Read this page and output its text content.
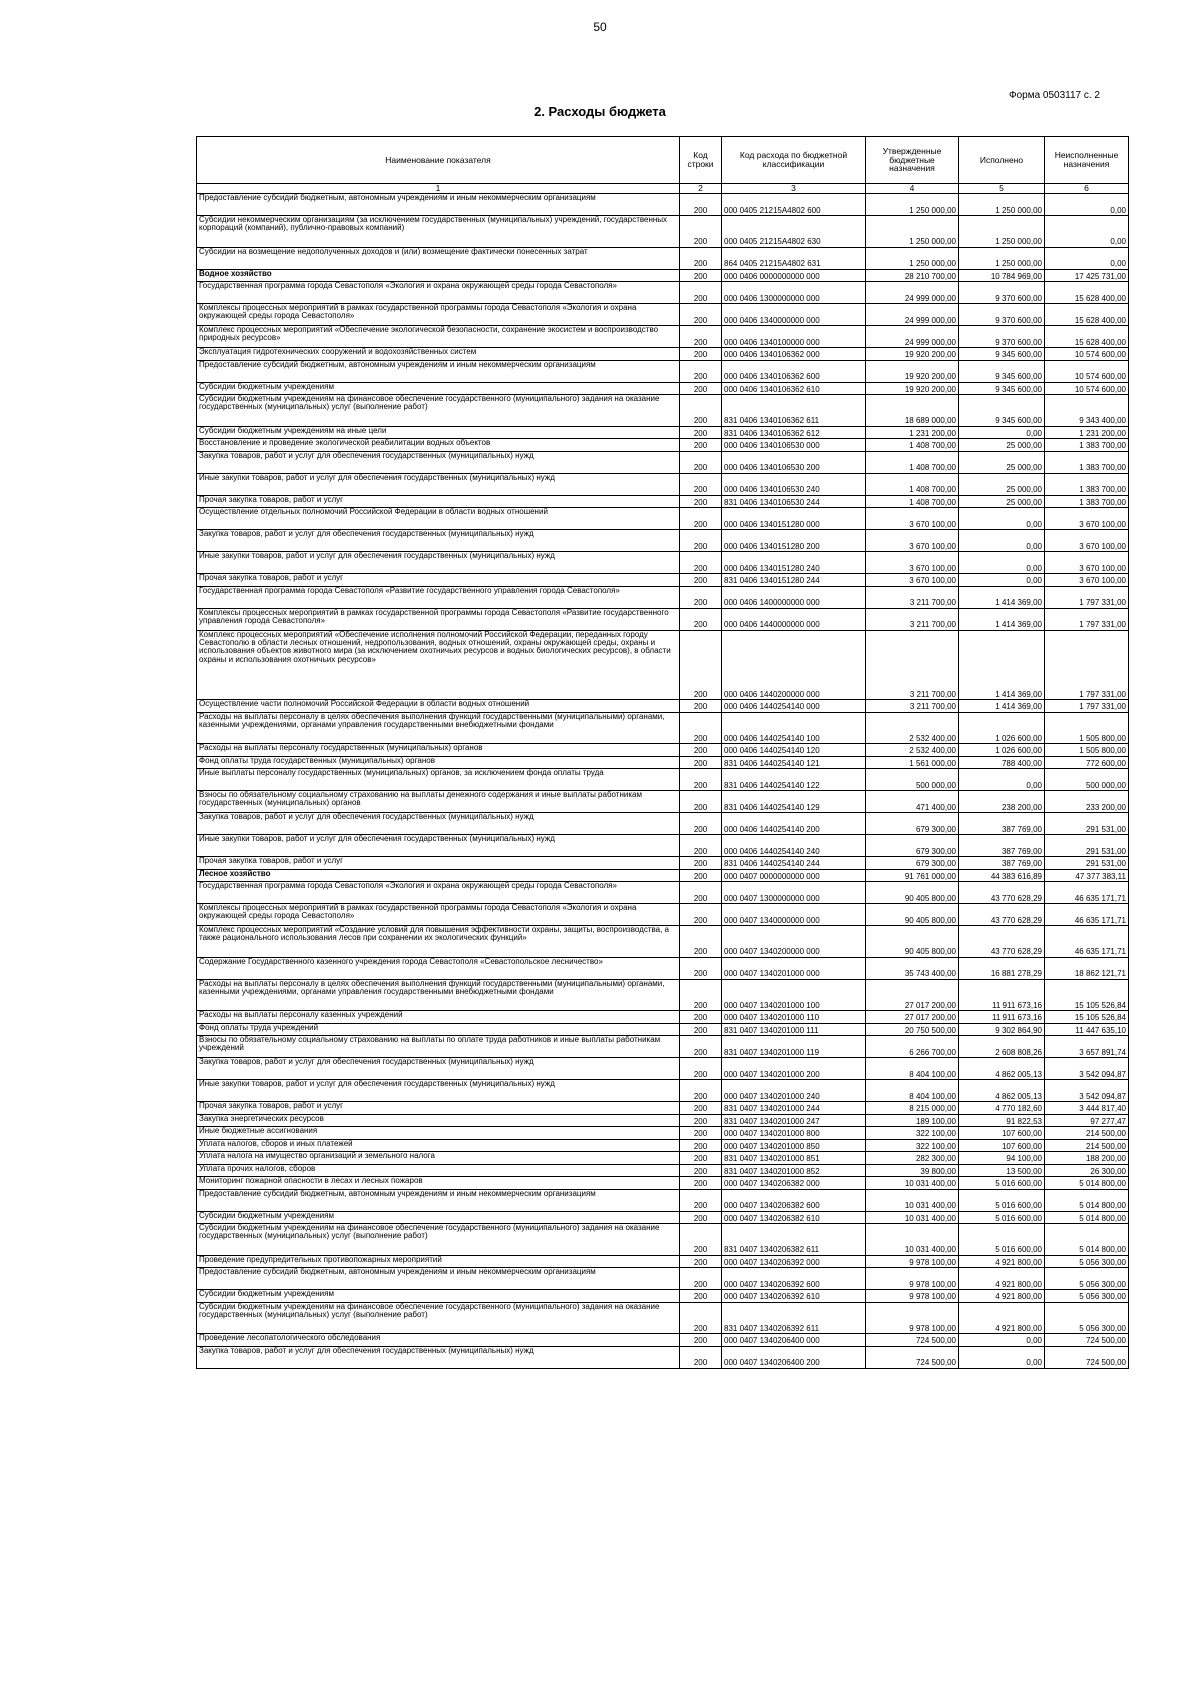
50
Форма 0503117 с. 2
2. Расходы бюджета
Наименование показателя	Код строки	Код расхода по бюджетной классификации	Утвержденные бюджетные назначения	Исполнено	Неисполненные назначения
1	2	3	4	5	6
Предоставление субсидий бюджетным, автономным учреждениям и иным некоммерческим организациям	200	000 0405 21215A4802 600	1 250 000,00	1 250 000,00	0,00
Субсидии некоммерческим организациям (за исключением государственных (муниципальных) учреждений, государственных корпораций (компаний), публично-правовых компаний)	200	000 0405 21215A4802 630	1 250 000,00	1 250 000,00	0,00
Субсидии на возмещение недополученных доходов и (или) возмещение фактически понесенных затрат	200	864 0405 21215A4802 631	1 250 000,00	1 250 000,00	0,00
Водное хозяйство	200	000 0406 0000000000 000	28 210 700,00	10 784 969,00	17 425 731,00
Государственная программа города Севастополя «Экология и охрана окружающей среды города Севастополя»	200	000 0406 1300000000 000	24 999 000,00	9 370 600,00	15 628 400,00
Комплексы процессных мероприятий в рамках государственной программы города Севастополя «Экология и охрана окружающей среды города Севастополя»	200	000 0406 1340000000 000	24 999 000,00	9 370 600,00	15 628 400,00
Комплекс процессных мероприятий «Обеспечение экологической безопасности, сохранение экосистем и воспроизводство природных ресурсов»	200	000 0406 1340100000 000	24 999 000,00	9 370 600,00	15 628 400,00
Эксплуатация гидротехнических сооружений и водохозяйственных систем	200	000 0406 1340106362 000	19 920 200,00	9 345 600,00	10 574 600,00
Предоставление субсидий бюджетным, автономным учреждениям и иным некоммерческим организациям	200	000 0406 1340106362 600	19 920 200,00	9 345 600,00	10 574 600,00
Субсидии бюджетным учреждениям	200	000 0406 1340106362 610	19 920 200,00	9 345 600,00	10 574 600,00
Субсидии бюджетным учреждениям на финансовое обеспечение государственного (муниципального) задания на оказание государственных (муниципальных) услуг (выполнение работ)	200	831 0406 1340106362 611	18 689 000,00	9 345 600,00	9 343 400,00
Субсидии бюджетным учреждениям на иные цели	200	831 0406 1340106362 612	1 231 200,00	0,00	1 231 200,00
Восстановление и проведение экологической реабилитации водных объектов	200	000 0406 1340106530 000	1 408 700,00	25 000,00	1 383 700,00
Закупка товаров, работ и услуг для обеспечения государственных (муниципальных) нужд	200	000 0406 1340106530 200	1 408 700,00	25 000,00	1 383 700,00
Иные закупки товаров, работ и услуг для обеспечения государственных (муниципальных) нужд	200	000 0406 1340106530 240	1 408 700,00	25 000,00	1 383 700,00
Прочая закупка товаров, работ и услуг	200	831 0406 1340106530 244	1 408 700,00	25 000,00	1 383 700,00
Осуществление отдельных полномочий Российской Федерации в области водных отношений	200	000 0406 1340151280 000	3 670 100,00	0,00	3 670 100,00
Закупка товаров, работ и услуг для обеспечения государственных (муниципальных) нужд	200	000 0406 1340151280 200	3 670 100,00	0,00	3 670 100,00
Иные закупки товаров, работ и услуг для обеспечения государственных (муниципальных) нужд	200	000 0406 1340151280 240	3 670 100,00	0,00	3 670 100,00
Прочая закупка товаров, работ и услуг	200	831 0406 1340151280 244	3 670 100,00	0,00	3 670 100,00
Государственная программа города Севастополя «Развитие государственного управления города Севастополя»	200	000 0406 1400000000 000	3 211 700,00	1 414 369,00	1 797 331,00
Комплексы процессных мероприятий в рамках государственной программы города Севастополя «Развитие государственного управления города Севастополя»	200	000 0406 1440000000 000	3 211 700,00	1 414 369,00	1 797 331,00
Комплекс процессных мероприятий «Обеспечение исполнения полномочий Российской Федерации, переданных городу Севастополю в области лесных отношений, недропользования, водных отношений, охраны окружающей среды, охраны и использования объектов животного мира (за исключением охотничьих ресурсов и водных биологических ресурсов), в области охраны и использования охотничьих ресурсов»	200	000 0406 1440200000 000	3 211 700,00	1 414 369,00	1 797 331,00
Осуществление части полномочий Российской Федерации в области водных отношений	200	000 0406 1440254140 000	3 211 700,00	1 414 369,00	1 797 331,00
Расходы на выплаты персоналу в целях обеспечения выполнения функций государственными (муниципальными) органами, казенными учреждениями, органами управления государственными внебюджетными фондами	200	000 0406 1440254140 100	2 532 400,00	1 026 600,00	1 505 800,00
Расходы на выплаты персоналу государственных (муниципальных) органов	200	000 0406 1440254140 120	2 532 400,00	1 026 600,00	1 505 800,00
Фонд оплаты труда государственных (муниципальных) органов	200	831 0406 1440254140 121	1 561 000,00	788 400,00	772 600,00
Иные выплаты персоналу государственных (муниципальных) органов, за исключением фонда оплаты труда	200	831 0406 1440254140 122	500 000,00	0,00	500 000,00
Взносы по обязательному социальному страхованию на выплаты денежного содержания и иные выплаты работникам государственных (муниципальных) органов	200	831 0406 1440254140 129	471 400,00	238 200,00	233 200,00
Закупка товаров, работ и услуг для обеспечения государственных (муниципальных) нужд	200	000 0406 1440254140 200	679 300,00	387 769,00	291 531,00
Иные закупки товаров, работ и услуг для обеспечения государственных (муниципальных) нужд	200	000 0406 1440254140 240	679 300,00	387 769,00	291 531,00
Прочая закупка товаров, работ и услуг	200	831 0406 1440254140 244	679 300,00	387 769,00	291 531,00
Лесное хозяйство	200	000 0407 0000000000 000	91 761 000,00	44 383 616,89	47 377 383,11
Государственная программа города Севастополя «Экология и охрана окружающей среды города Севастополя»	200	000 0407 1300000000 000	90 405 800,00	43 770 628,29	46 635 171,71
Комплексы процессных мероприятий в рамках государственной программы города Севастополя «Экология и охрана окружающей среды города Севастополя»	200	000 0407 1340000000 000	90 405 800,00	43 770 628,29	46 635 171,71
Комплекс процессных мероприятий «Создание условий для повышения эффективности охраны, защиты, воспроизводства, а также рационального использования лесов при сохранении их экологических функций»	200	000 0407 1340200000 000	90 405 800,00	43 770 628,29	46 635 171,71
Содержание Государственного казенного учреждения города Севастополя «Севастопольское лесничество»	200	000 0407 1340201000 000	35 743 400,00	16 881 278,29	18 862 121,71
Расходы на выплаты персоналу в целях обеспечения выполнения функций государственными (муниципальными) органами, казенными учреждениями, органами управления государственными внебюджетными фондами	200	000 0407 1340201000 100	27 017 200,00	11 911 673,16	15 105 526,84
Расходы на выплаты персоналу казенных учреждений	200	000 0407 1340201000 110	27 017 200,00	11 911 673,16	15 105 526,84
Фонд оплаты труда учреждений	200	831 0407 1340201000 111	20 750 500,00	9 302 864,90	11 447 635,10
Взносы по обязательному социальному страхованию на выплаты по оплате труда работников и иные выплаты работникам учреждений	200	831 0407 1340201000 119	6 266 700,00	2 608 808,26	3 657 891,74
Закупка товаров, работ и услуг для обеспечения государственных (муниципальных) нужд	200	000 0407 1340201000 200	8 404 100,00	4 862 005,13	3 542 094,87
Иные закупки товаров, работ и услуг для обеспечения государственных (муниципальных) нужд	200	000 0407 1340201000 240	8 404 100,00	4 862 005,13	3 542 094,87
Прочая закупка товаров, работ и услуг	200	831 0407 1340201000 244	8 215 000,00	4 770 182,60	3 444 817,40
Закупка энергетических ресурсов	200	831 0407 1340201000 247	189 100,00	91 822,53	97 277,47
Иные бюджетные ассигнования	200	000 0407 1340201000 800	322 100,00	107 600,00	214 500,00
Уплата налогов, сборов и иных платежей	200	000 0407 1340201000 850	322 100,00	107 600,00	214 500,00
Уплата налога на имущество организаций и земельного налога	200	831 0407 1340201000 851	282 300,00	94 100,00	188 200,00
Уплата прочих налогов, сборов	200	831 0407 1340201000 852	39 800,00	13 500,00	26 300,00
Мониторинг пожарной опасности в лесах и лесных пожаров	200	000 0407 1340206382 000	10 031 400,00	5 016 600,00	5 014 800,00
Предоставление субсидий бюджетным, автономным учреждениям и иным некоммерческим организациям	200	000 0407 1340206382 600	10 031 400,00	5 016 600,00	5 014 800,00
Субсидии бюджетным учреждениям	200	000 0407 1340206382 610	10 031 400,00	5 016 600,00	5 014 800,00
Субсидии бюджетным учреждениям на финансовое обеспечение государственного (муниципального) задания на оказание государственных (муниципальных) услуг (выполнение работ)	200	831 0407 1340206382 611	10 031 400,00	5 016 600,00	5 014 800,00
Проведение предупредительных противопожарных мероприятий	200	000 0407 1340206392 000	9 978 100,00	4 921 800,00	5 056 300,00
Предоставление субсидий бюджетным, автономным учреждениям и иным некоммерческим организациям	200	000 0407 1340206392 600	9 978 100,00	4 921 800,00	5 056 300,00
Субсидии бюджетным учреждениям	200	000 0407 1340206392 610	9 978 100,00	4 921 800,00	5 056 300,00
Субсидии бюджетным учреждениям на финансовое обеспечение государственного (муниципального) задания на оказание государственных (муниципальных) услуг (выполнение работ)	200	831 0407 1340206392 611	9 978 100,00	4 921 800,00	5 056 300,00
Проведение лесопатологического обследования	200	000 0407 1340206400 000	724 500,00	0,00	724 500,00
Закупка товаров, работ и услуг для обеспечения государственных (муниципальных) нужд	200	000 0407 1340206400 200	724 500,00	0,00	724 500,00
